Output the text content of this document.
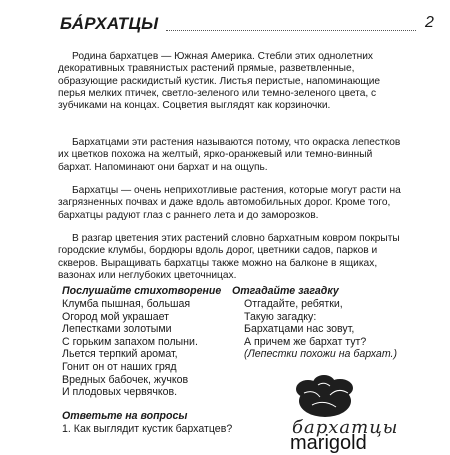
БА́РХАТЦЫ	2
Родина бархатцев — Южная Америка. Стебли этих однолетних
декоративных травянистых растений прямые, разветвленные,
образующие раскидистый кустик. Листья перистые, напоминающие
перья мелких птичек, светло-зеленого или темно-зеленого цвета, с
зубчиками на концах. Соцветия выглядят как корзиночки.
Бархатцами эти растения называются потому, что окраска лепестков
их цветков похожа на желтый, ярко-оранжевый или темно-винный
бархат. Напоминают они бархат и на ощупь.
Бархатцы — очень неприхотливые растения, которые могут расти на
загрязненных почвах и даже вдоль автомобильных дорог. Кроме того,
бархатцы радуют глаз с раннего лета и до заморозков.
В разгар цветения этих растений словно бархатным ковром покрыты
городские клумбы, бордюры вдоль дорог, цветники садов, парков и
скверов. Выращивать бархатцы также можно на балконе в ящиках,
вазонах или неглубоких цветочницах.
Послушайте стихотворение
Клумба пышная, большая
Огород мой украшает
Лепестками золотыми
С горьким запахом полыни.
Льется терпкий аромат,
Гонит он от наших гряд
Вредных бабочек, жучков
И плодовых червячков.
Отгадайте загадку
Отгадайте, ребятки,
Такую загадку:
Бархатцами нас зовут,
А причем же бархат тут?
(Лепестки похожи на бархат.)
Ответьте на вопросы
1. Как выглядит кустик бархатцев?	бархатцы
marigold
